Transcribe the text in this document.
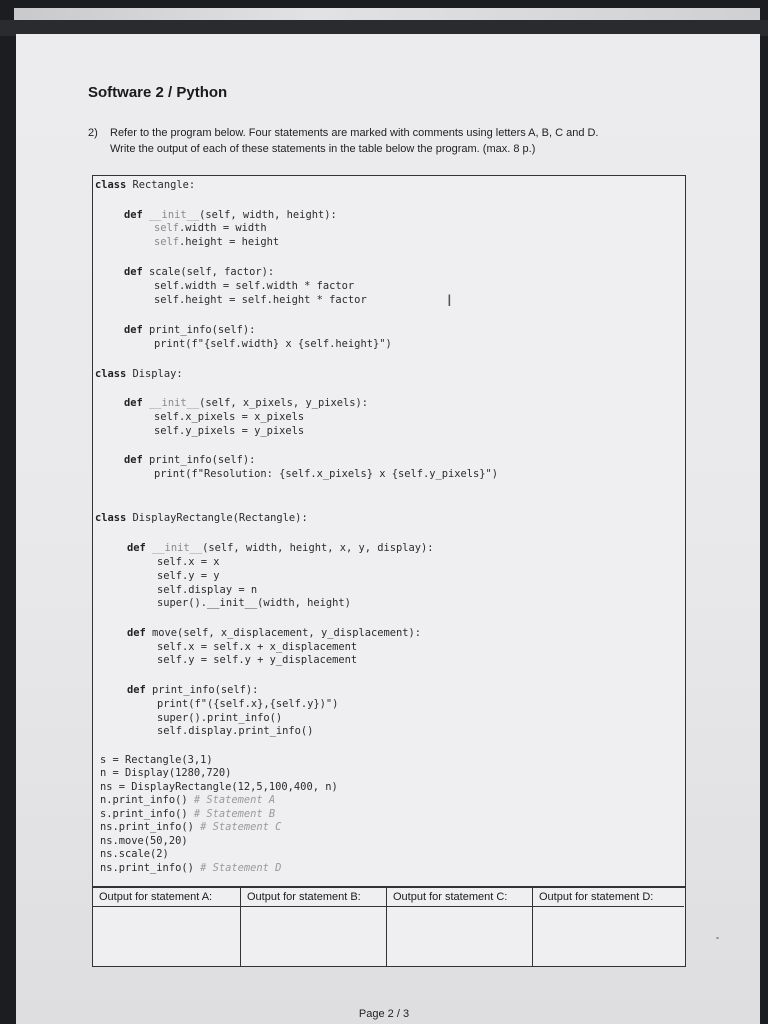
Software 2 / Python
2) Refer to the program below. Four statements are marked with comments using letters A, B, C and D.
Write the output of each of these statements in the table below the program. (max. 8 p.)
class Rectangle:
def __init__(self, width, height):
self.width = width
self.height = height
def scale(self, factor):
self.width = self.width * factor
self.height = self.height * factor
def print_info(self):
print(f"{self.width} x {self.height}")
class Display:
def __init__(self, x_pixels, y_pixels):
self.x_pixels = x_pixels
self.y_pixels = y_pixels
def print_info(self):
print(f"Resolution: {self.x_pixels} x {self.y_pixels}")
class DisplayRectangle(Rectangle):
def __init__(self, width, height, x, y, display):
self.x = x
self.y = y
self.display = n
super().__init__(width, height)
def move(self, x_displacement, y_displacement):
self.x = self.x + x_displacement
self.y = self.y + y_displacement
def print_info(self):
print(f"({self.x},{self.y})")
super().print_info()
self.display.print_info()
s = Rectangle(3,1)
n = Display(1280,720)
ns = DisplayRectangle(12,5,100,400, n)
n.print_info() # Statement A
s.print_info() # Statement B
ns.print_info() # Statement C
ns.move(50,20)
ns.scale(2)
ns.print_info() # Statement D
I
Output for statement A:	Output for statement B:	Output for statement C:	Output for statement D:
Page 2 / 3
